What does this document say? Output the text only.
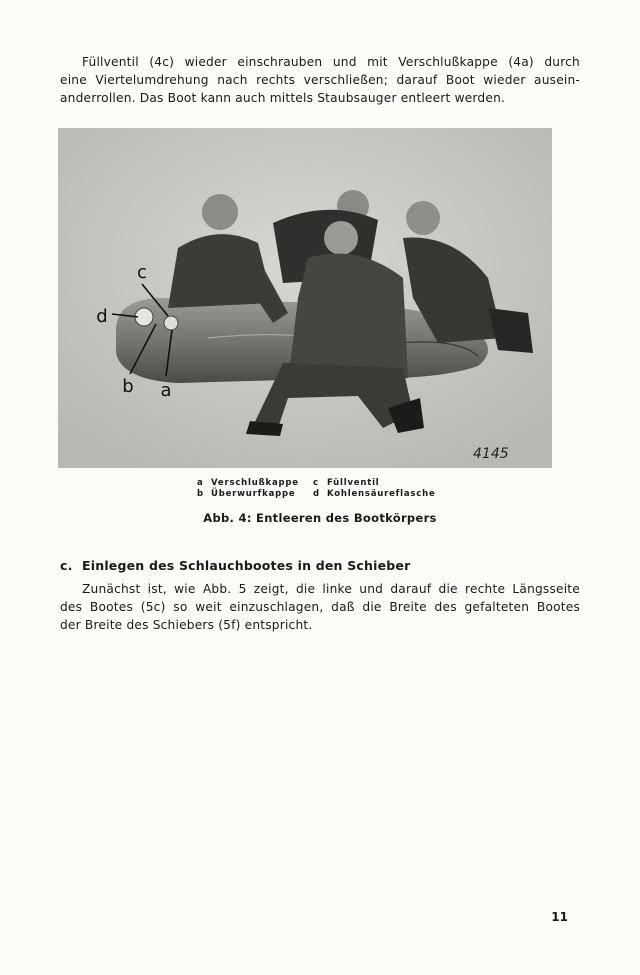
Füllventil (4c) wieder einschrauben und mit Verschlußkappe (4a) durch
eine Viertelumdrehung nach rechts verschließen; darauf Boot wieder ausein-
anderrollen. Das Boot kann auch mittels Staubsauger entleert werden.

c
d
b a
4145
a Verschlußkappe	c Füllventil
b Überwurfkappe	d Kohlensäureflasche
Abb. 4: Entleeren des Bootkörpers
c. Einlegen des Schlauchbootes in den Schieber

Zunächst ist, wie Abb. 5 zeigt, die linke und darauf die rechte Längsseite
des Bootes (5c) so weit einzuschlagen, daß die Breite des gefalteten Bootes
der Breite des Schiebers (5f) entspricht.

11
